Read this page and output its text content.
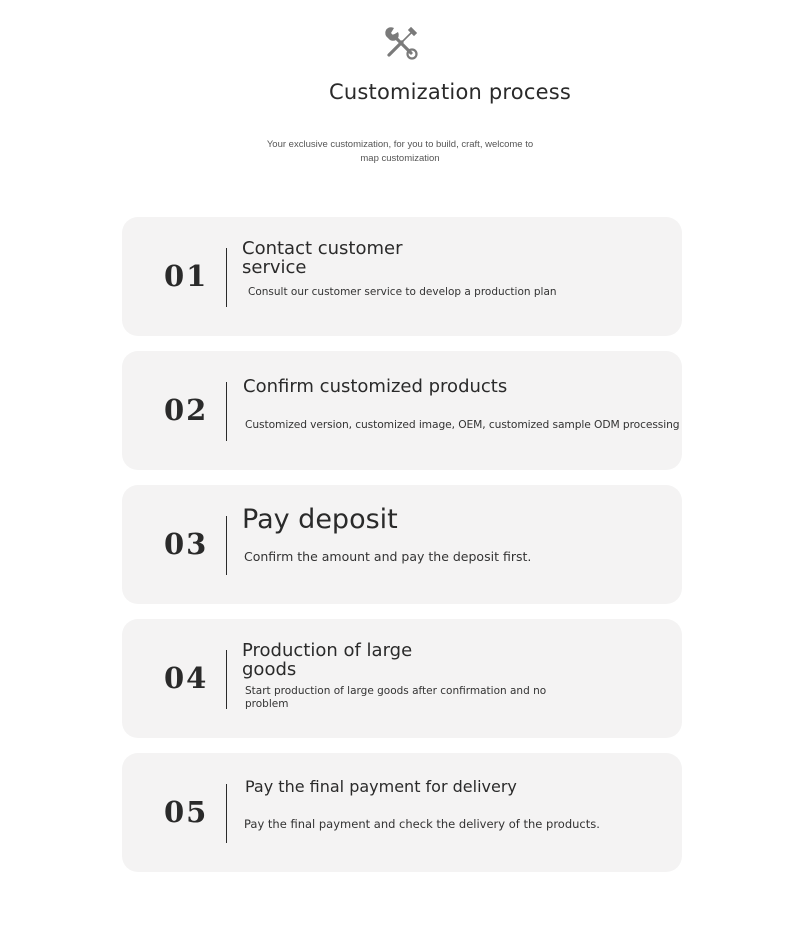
Customization process
Your exclusive customization, for you to build, craft, welcome to map customization
01
Contact customer service
Consult our customer service to develop a production plan
02
Confirm customized products
Customized version, customized image, OEM, customized sample ODM processing
03
Pay deposit
Confirm the amount and pay the deposit first.
04
Production of large goods
Start production of large goods after confirmation and no problem
05
Pay the final payment for delivery
Pay the final payment and check the delivery of the products.
